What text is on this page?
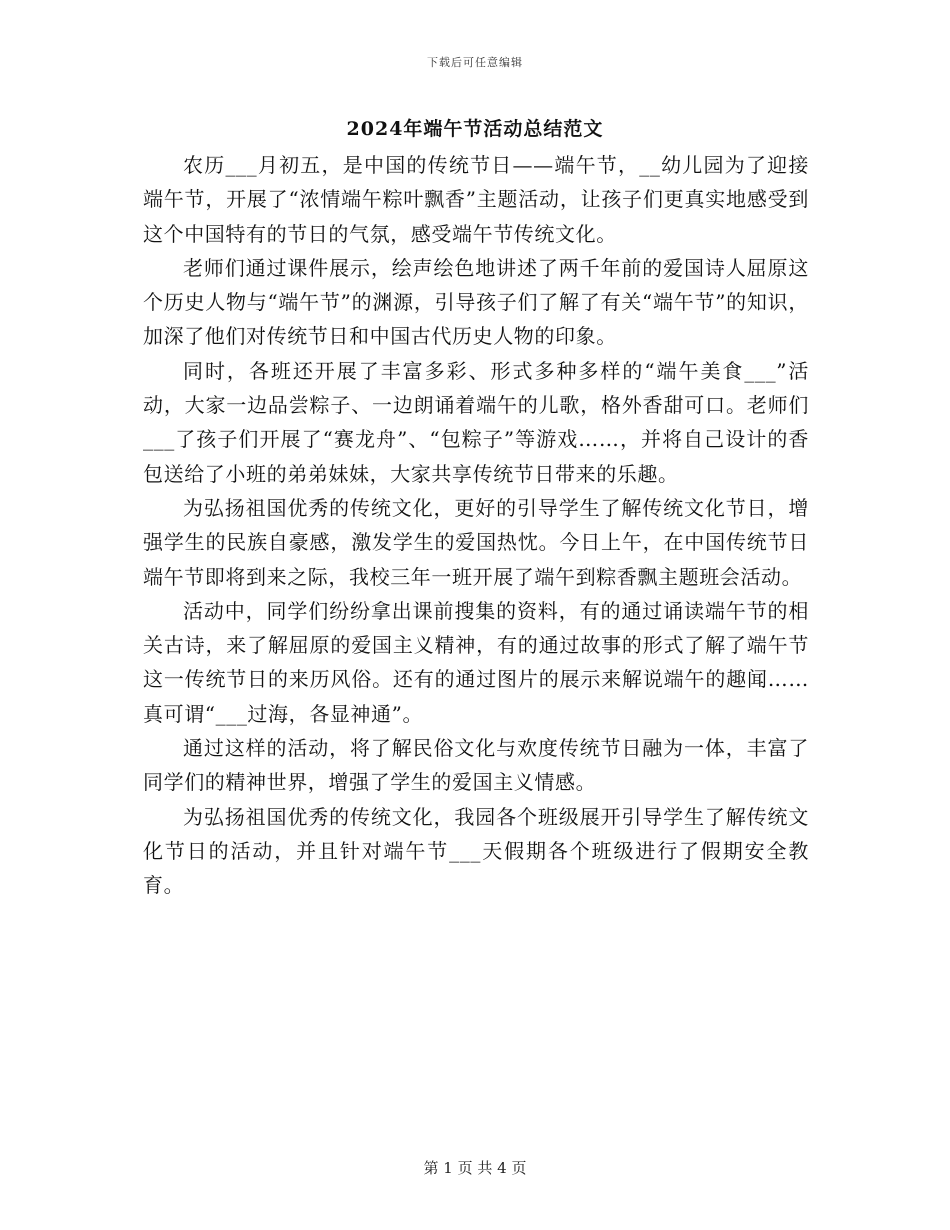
下载后可任意编辑
2024年端午节活动总结范文

农历___月初五，是中国的传统节日——端午节，__幼儿园为了迎接端午节，开展了“浓情端午粽叶飘香”主题活动，让孩子们更真实地感受到这个中国特有的节日的气氛，感受端午节传统文化。

老师们通过课件展示，绘声绘色地讲述了两千年前的爱国诗人屈原这个历史人物与“端午节”的渊源，引导孩子们了解了有关“端午节”的知识，加深了他们对传统节日和中国古代历史人物的印象。

同时，各班还开展了丰富多彩、形式多种多样的“端午美食___”活动，大家一边品尝粽子、一边朗诵着端午的儿歌，格外香甜可口。老师们___了孩子们开展了“赛龙舟”、“包粽子”等游戏……，并将自己设计的香包送给了小班的弟弟妹妹，大家共享传统节日带来的乐趣。

为弘扬祖国优秀的传统文化，更好的引导学生了解传统文化节日，增强学生的民族自豪感，激发学生的爱国热忱。今日上午，在中国传统节日端午节即将到来之际，我校三年一班开展了端午到粽香飘主题班会活动。

活动中，同学们纷纷拿出课前搜集的资料，有的通过诵读端午节的相关古诗，来了解屈原的爱国主义精神，有的通过故事的形式了解了端午节这一传统节日的来历风俗。还有的通过图片的展示来解说端午的趣闻……真可谓“___过海，各显神通”。

通过这样的活动，将了解民俗文化与欢度传统节日融为一体，丰富了同学们的精神世界，增强了学生的爱国主义情感。

为弘扬祖国优秀的传统文化，我园各个班级展开引导学生了解传统文化节日的活动，并且针对端午节___天假期各个班级进行了假期安全教育。

第 1 页 共 4 页
